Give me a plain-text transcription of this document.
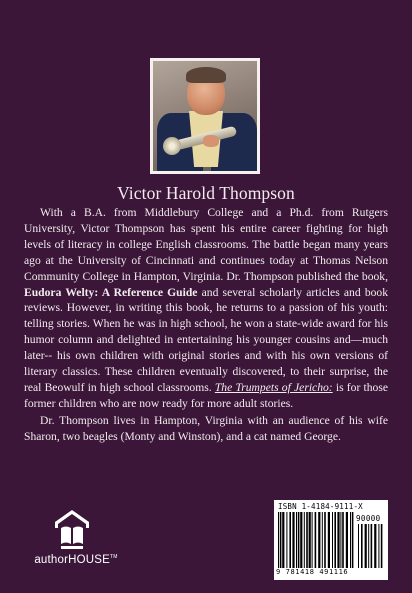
Victor Harold Thompson

With a B.A. from Middlebury College and a Ph.d. from Rutgers University, Victor Thompson has spent his entire career fighting for high levels of literacy in college English classrooms. The battle began many years ago at the University of Cincinnati and continues today at Thomas Nelson Community College in Hampton, Virginia. Dr. Thompson published the book, Eudora Welty: A Reference Guide and several scholarly articles and book reviews. However, in writing this book, he returns to a passion of his youth: telling stories. When he was in high school, he won a state-wide award for his humor column and delighted in entertaining his younger cousins and—much later-- his own children with original stories and with his own versions of literary classics. These children eventually discovered, to their surprise, the real Beowulf in high school classrooms. The Trumpets of Jericho: is for those former children who are now ready for more adult stories.

Dr. Thompson lives in Hampton, Virginia with an audience of his wife Sharon, two beagles (Monty and Winston), and a cat named George.

authorHOUSE™
ISBN 1-4184-9111-X
90000
9 781418 491116
